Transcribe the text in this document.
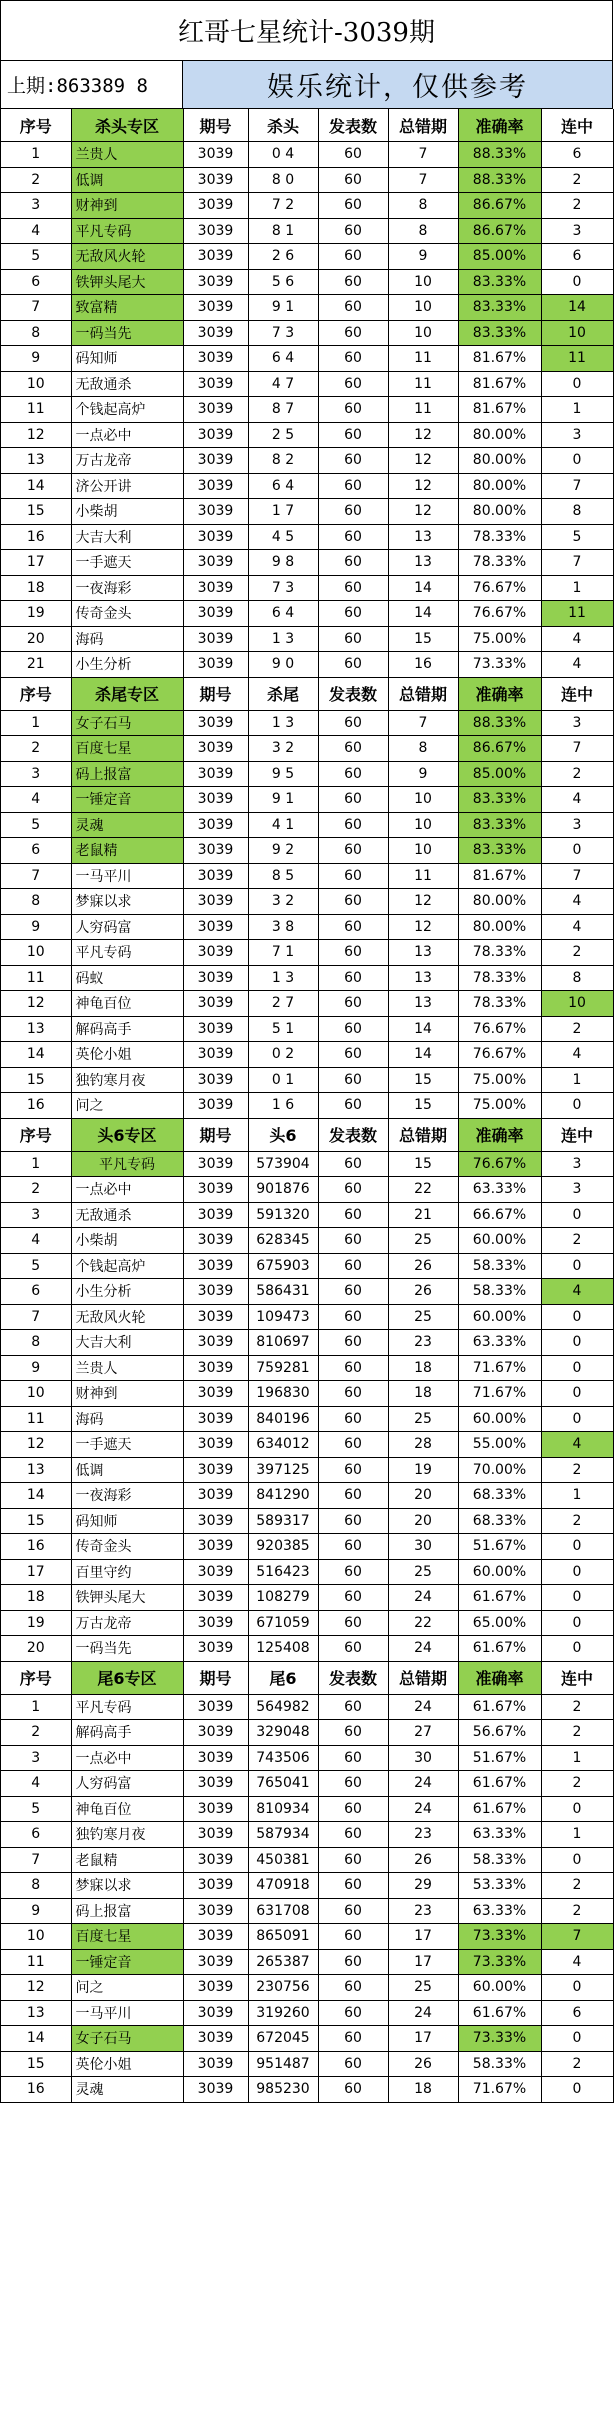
红哥七星统计-3039期
上期:863389 8	娱乐统计，仅供参考
序号	杀头专区	期号	杀头	发表数	总错期	准确率	连中
1	兰贵人	3039	0 4	60	7	88.33%	6
2	低调	3039	8 0	60	7	88.33%	2
3	财神到	3039	7 2	60	8	86.67%	2
4	平凡专码	3039	8 1	60	8	86.67%	3
5	无敌风火轮	3039	2 6	60	9	85.00%	6
6	铁钾头尾大	3039	5 6	60	10	83.33%	0
7	致富精	3039	9 1	60	10	83.33%	14
8	一码当先	3039	7 3	60	10	83.33%	10
9	码知师	3039	6 4	60	11	81.67%	11
10	无敌通杀	3039	4 7	60	11	81.67%	0
11	个钱起高炉	3039	8 7	60	11	81.67%	1
12	一点必中	3039	2 5	60	12	80.00%	3
13	万古龙帝	3039	8 2	60	12	80.00%	0
14	济公开讲	3039	6 4	60	12	80.00%	7
15	小柴胡	3039	1 7	60	12	80.00%	8
16	大吉大利	3039	4 5	60	13	78.33%	5
17	一手遮天	3039	9 8	60	13	78.33%	7
18	一夜海彩	3039	7 3	60	14	76.67%	1
19	传奇金头	3039	6 4	60	14	76.67%	11
20	海码	3039	1 3	60	15	75.00%	4
21	小生分析	3039	9 0	60	16	73.33%	4
序号	杀尾专区	期号	杀尾	发表数	总错期	准确率	连中
1	女子石马	3039	1 3	60	7	88.33%	3
2	百度七星	3039	3 2	60	8	86.67%	7
3	码上报富	3039	9 5	60	9	85.00%	2
4	一锤定音	3039	9 1	60	10	83.33%	4
5	灵魂	3039	4 1	60	10	83.33%	3
6	老鼠精	3039	9 2	60	10	83.33%	0
7	一马平川	3039	8 5	60	11	81.67%	7
8	梦寐以求	3039	3 2	60	12	80.00%	4
9	人穷码富	3039	3 8	60	12	80.00%	4
10	平凡专码	3039	7 1	60	13	78.33%	2
11	码蚁	3039	1 3	60	13	78.33%	8
12	神龟百位	3039	2 7	60	13	78.33%	10
13	解码高手	3039	5 1	60	14	76.67%	2
14	英伦小姐	3039	0 2	60	14	76.67%	4
15	独钓寒月夜	3039	0 1	60	15	75.00%	1
16	问之	3039	1 6	60	15	75.00%	0
序号	头6专区	期号	头6	发表数	总错期	准确率	连中
1	平凡专码	3039	573904	60	15	76.67%	3
2	一点必中	3039	901876	60	22	63.33%	3
3	无敌通杀	3039	591320	60	21	66.67%	0
4	小柴胡	3039	628345	60	25	60.00%	2
5	个钱起高炉	3039	675903	60	26	58.33%	0
6	小生分析	3039	586431	60	26	58.33%	4
7	无敌风火轮	3039	109473	60	25	60.00%	0
8	大吉大利	3039	810697	60	23	63.33%	0
9	兰贵人	3039	759281	60	18	71.67%	0
10	财神到	3039	196830	60	18	71.67%	0
11	海码	3039	840196	60	25	60.00%	0
12	一手遮天	3039	634012	60	28	55.00%	4
13	低调	3039	397125	60	19	70.00%	2
14	一夜海彩	3039	841290	60	20	68.33%	1
15	码知师	3039	589317	60	20	68.33%	2
16	传奇金头	3039	920385	60	30	51.67%	0
17	百里守约	3039	516423	60	25	60.00%	0
18	铁钾头尾大	3039	108279	60	24	61.67%	0
19	万古龙帝	3039	671059	60	22	65.00%	0
20	一码当先	3039	125408	60	24	61.67%	0
序号	尾6专区	期号	尾6	发表数	总错期	准确率	连中
1	平凡专码	3039	564982	60	24	61.67%	2
2	解码高手	3039	329048	60	27	56.67%	2
3	一点必中	3039	743506	60	30	51.67%	1
4	人穷码富	3039	765041	60	24	61.67%	2
5	神龟百位	3039	810934	60	24	61.67%	0
6	独钓寒月夜	3039	587934	60	23	63.33%	1
7	老鼠精	3039	450381	60	26	58.33%	0
8	梦寐以求	3039	470918	60	29	53.33%	2
9	码上报富	3039	631708	60	23	63.33%	2
10	百度七星	3039	865091	60	17	73.33%	7
11	一锤定音	3039	265387	60	17	73.33%	4
12	问之	3039	230756	60	25	60.00%	0
13	一马平川	3039	319260	60	24	61.67%	6
14	女子石马	3039	672045	60	17	73.33%	0
15	英伦小姐	3039	951487	60	26	58.33%	2
16	灵魂	3039	985230	60	18	71.67%	0
